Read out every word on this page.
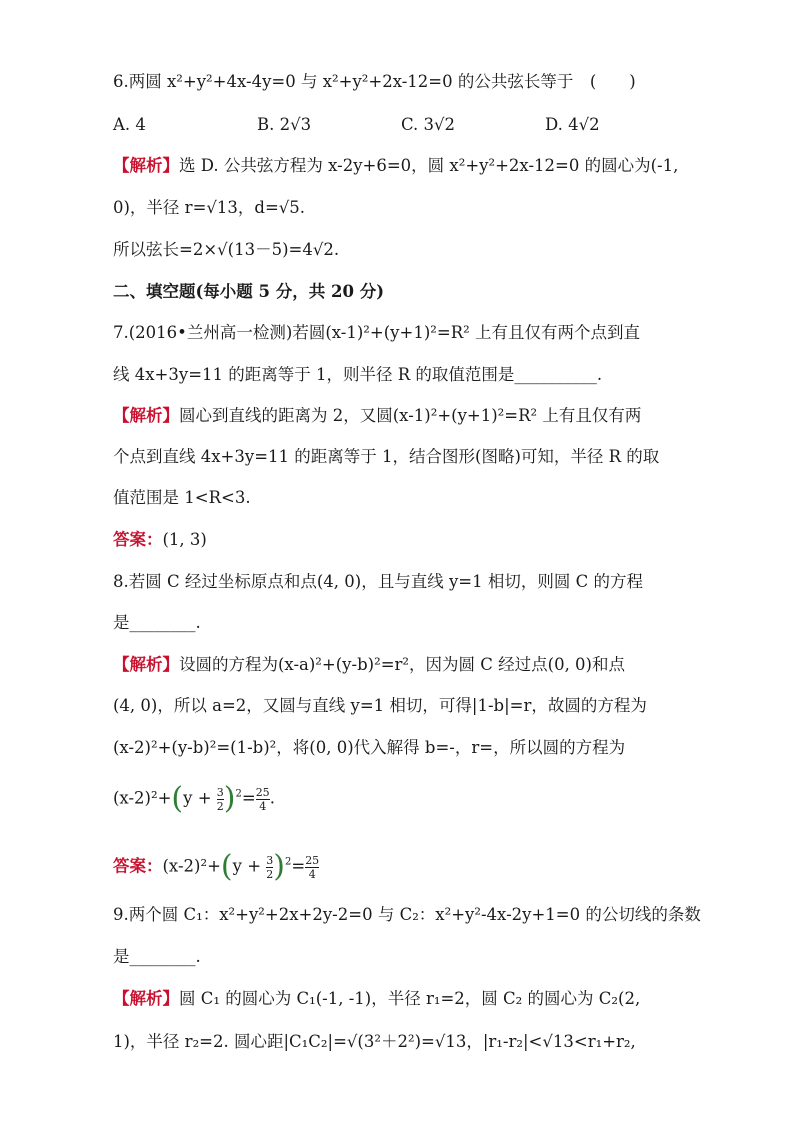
6.两圆 x²+y²+4x-4y=0 与 x²+y²+2x-12=0 的公共弦长等于　(　　)
A. 4	B. 2√3	C. 3√2	D. 4√2
【解析】选 D. 公共弦方程为 x-2y+6=0，圆 x²+y²+2x-12=0 的圆心为(-1,
0)，半径 r=√13，d=√5.
所以弦长=2×√(13－5)=4√2.
二、填空题(每小题 5 分，共 20 分)
7.(2016•兰州高一检测)若圆(x-1)²+(y+1)²=R² 上有且仅有两个点到直
线 4x+3y=11 的距离等于 1，则半径 R 的取值范围是__________.
【解析】圆心到直线的距离为 2，又圆(x-1)²+(y+1)²=R² 上有且仅有两
个点到直线 4x+3y=11 的距离等于 1，结合图形(图略)可知，半径 R 的取
值范围是 1<R<3.
答案：(1, 3)
8.若圆 C 经过坐标原点和点(4, 0)，且与直线 y=1 相切，则圆 C 的方程
是________.
【解析】设圆的方程为(x-a)²+(y-b)²=r²，因为圆 C 经过点(0, 0)和点
(4, 0)，所以 a=2，又圆与直线 y=1 相切，可得|1-b|=r，故圆的方程为
(x-2)²+(y-b)²=(1-b)²，将(0, 0)代入解得 b=-，r=，所以圆的方程为
$(x-2)^2+(y + \frac{3}{2} )^2= \frac{25}{4}$ .
答案：$(x-2)^2+(y + \frac{3}{2} )^2= \frac{25}{4}$
9.两个圆 C₁：x²+y²+2x+2y-2=0 与 C₂：x²+y²-4x-2y+1=0 的公切线的条数
是________.
【解析】圆 C₁ 的圆心为 C₁(-1, -1)，半径 r₁=2，圆 C₂ 的圆心为 C₂(2,
1)，半径 r₂=2. 圆心距|C₁C₂|=√(3²＋2²)=√13，|r₁-r₂|<√13<r₁+r₂,
